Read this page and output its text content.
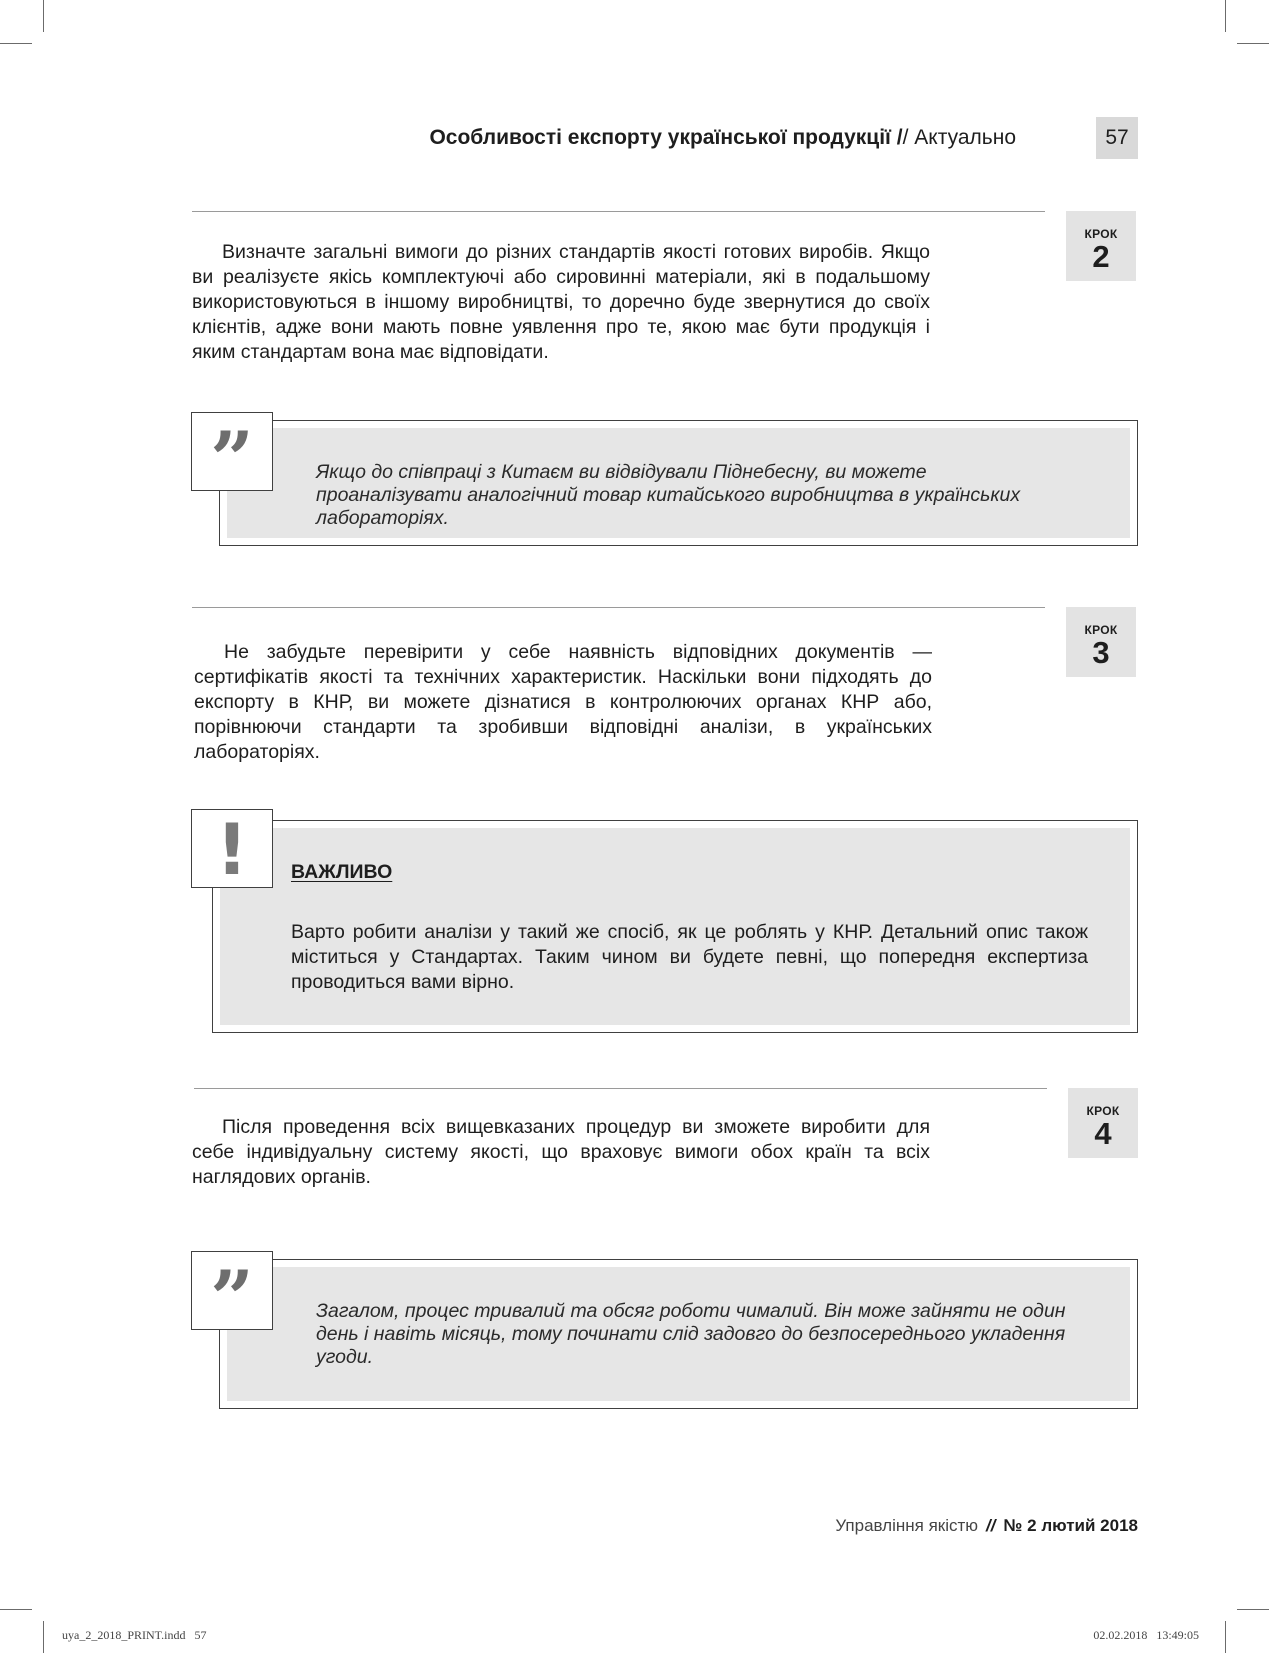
Особливості експорту української продукції // Актуально	57
КРОК
2
Визначте загальні вимоги до різних стандартів якості готових виробів. Якщо ви реалізуєте якісь комплектуючі або сировинні матеріали, які в подальшому використовуються в іншому виробництві, то доречно буде звернутися до своїх клієнтів, адже вони мають повне уявлення про те, якою має бути продукція і яким стандартам вона має відповідати.
Якщо до співпраці з Китаєм ви відвідували Піднебесну, ви можете проаналізувати аналогічний товар китайського виробництва в українських лабораторіях.
”
КРОК
3
Не забудьте перевірити у себе наявність відповідних документів — сертифікатів якості та технічних характеристик. Наскільки вони підходять до експорту в КНР, ви можете дізнатися в контролюючих органах КНР або, порівнюючи стандарти та зробивши відповідні аналізи, в українських лабораторіях.
ВАЖЛИВО
Варто робити аналізи у такий же спосіб, як це роблять у КНР. Детальний опис також міститься у Стандартах. Таким чином ви будете певні, що попередня експертиза проводиться вами вірно.
!
КРОК
4
Після проведення всіх вищевказаних процедур ви зможете виробити для себе індивідуальну систему якості, що враховує вимоги обох країн та всіх наглядових органів.
Загалом, процес тривалий та обсяг роботи чималий. Він може зайняти не один день і навіть місяць, тому починати слід задовго до безпосереднього укладення угоди.
”
Управління якістю // № 2 лютий 2018
uya_2_2018_PRINT.indd   57	02.02.2018   13:49:05
